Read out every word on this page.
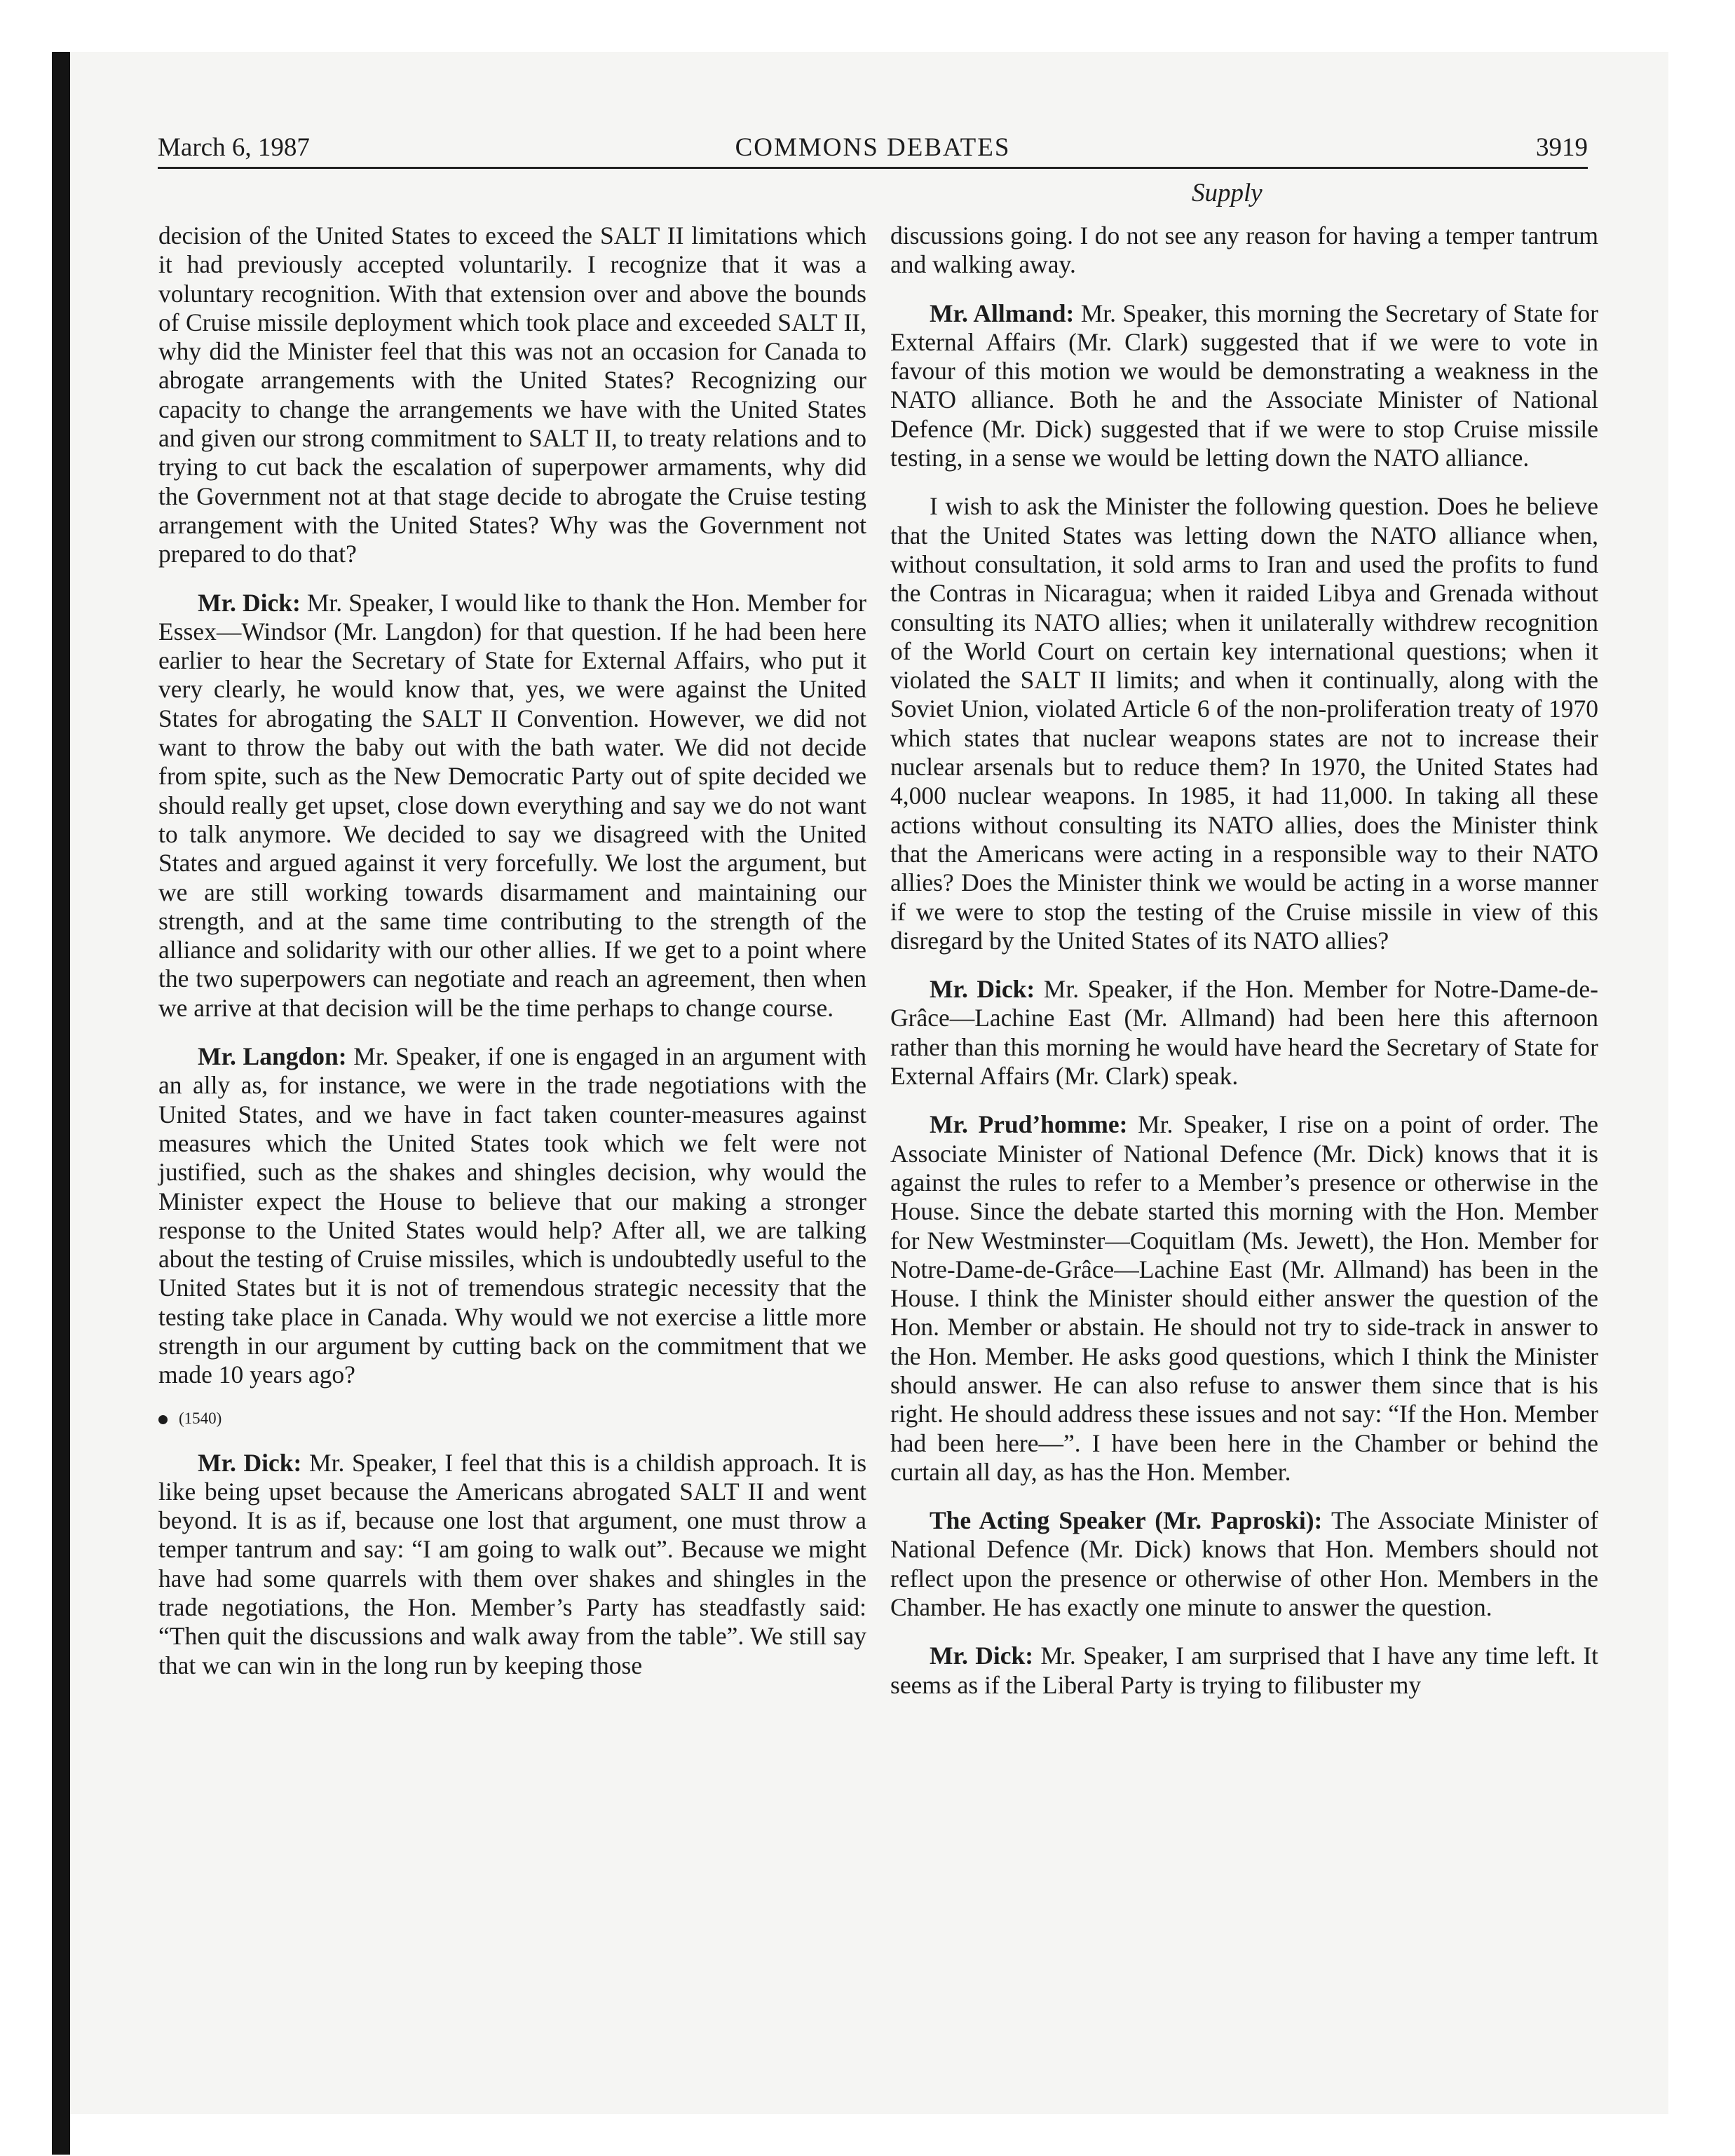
March 6, 1987	COMMONS DEBATES	3919
Supply

decision of the United States to exceed the SALT II limitations which it had previously accepted voluntarily. I recognize that it was a voluntary recognition. With that extension over and above the bounds of Cruise missile deployment which took place and exceeded SALT II, why did the Minister feel that this was not an occasion for Canada to abrogate arrangements with the United States? Recognizing our capacity to change the arrangements we have with the United States and given our strong commitment to SALT II, to treaty relations and to trying to cut back the escalation of superpower armaments, why did the Government not at that stage decide to abrogate the Cruise testing arrangement with the United States? Why was the Government not prepared to do that?

Mr. Dick: Mr. Speaker, I would like to thank the Hon. Member for Essex—Windsor (Mr. Langdon) for that question. If he had been here earlier to hear the Secretary of State for External Affairs, who put it very clearly, he would know that, yes, we were against the United States for abrogating the SALT II Convention. However, we did not want to throw the baby out with the bath water. We did not decide from spite, such as the New Democratic Party out of spite decided we should really get upset, close down everything and say we do not want to talk anymore. We decided to say we disagreed with the United States and argued against it very forcefully. We lost the argument, but we are still working towards disarmament and maintaining our strength, and at the same time contributing to the strength of the alliance and solidarity with our other allies. If we get to a point where the two superpowers can negotiate and reach an agreement, then when we arrive at that decision will be the time perhaps to change course.

Mr. Langdon: Mr. Speaker, if one is engaged in an argument with an ally as, for instance, we were in the trade negotiations with the United States, and we have in fact taken counter-measures against measures which the United States took which we felt were not justified, such as the shakes and shingles decision, why would the Minister expect the House to believe that our making a stronger response to the United States would help? After all, we are talking about the testing of Cruise missiles, which is undoubtedly useful to the United States but it is not of tremendous strategic necessity that the testing take place in Canada. Why would we not exercise a little more strength in our argument by cutting back on the commitment that we made 10 years ago?

(1540)

Mr. Dick: Mr. Speaker, I feel that this is a childish approach. It is like being upset because the Americans abrogated SALT II and went beyond. It is as if, because one lost that argument, one must throw a temper tantrum and say: “I am going to walk out”. Because we might have had some quarrels with them over shakes and shingles in the trade negotiations, the Hon. Member’s Party has steadfastly said: “Then quit the discussions and walk away from the table”. We still say that we can win in the long run by keeping those

discussions going. I do not see any reason for having a temper tantrum and walking away.

Mr. Allmand: Mr. Speaker, this morning the Secretary of State for External Affairs (Mr. Clark) suggested that if we were to vote in favour of this motion we would be demonstrating a weakness in the NATO alliance. Both he and the Associate Minister of National Defence (Mr. Dick) suggested that if we were to stop Cruise missile testing, in a sense we would be letting down the NATO alliance.

I wish to ask the Minister the following question. Does he believe that the United States was letting down the NATO alliance when, without consultation, it sold arms to Iran and used the profits to fund the Contras in Nicaragua; when it raided Libya and Grenada without consulting its NATO allies; when it unilaterally withdrew recognition of the World Court on certain key international questions; when it violated the SALT II limits; and when it continually, along with the Soviet Union, violated Article 6 of the non-proliferation treaty of 1970 which states that nuclear weapons states are not to increase their nuclear arsenals but to reduce them? In 1970, the United States had 4,000 nuclear weapons. In 1985, it had 11,000. In taking all these actions without consulting its NATO allies, does the Minister think that the Americans were acting in a responsible way to their NATO allies? Does the Minister think we would be acting in a worse manner if we were to stop the testing of the Cruise missile in view of this disregard by the United States of its NATO allies?

Mr. Dick: Mr. Speaker, if the Hon. Member for Notre-Dame-de-Grâce—Lachine East (Mr. Allmand) had been here this afternoon rather than this morning he would have heard the Secretary of State for External Affairs (Mr. Clark) speak.

Mr. Prud’homme: Mr. Speaker, I rise on a point of order. The Associate Minister of National Defence (Mr. Dick) knows that it is against the rules to refer to a Member’s presence or otherwise in the House. Since the debate started this morning with the Hon. Member for New Westminster—Coquitlam (Ms. Jewett), the Hon. Member for Notre-Dame-de-Grâce—Lachine East (Mr. Allmand) has been in the House. I think the Minister should either answer the question of the Hon. Member or abstain. He should not try to side-track in answer to the Hon. Member. He asks good questions, which I think the Minister should answer. He can also refuse to answer them since that is his right. He should address these issues and not say: “If the Hon. Member had been here—”. I have been here in the Chamber or behind the curtain all day, as has the Hon. Member.

The Acting Speaker (Mr. Paproski): The Associate Minister of National Defence (Mr. Dick) knows that Hon. Members should not reflect upon the presence or otherwise of other Hon. Members in the Chamber. He has exactly one minute to answer the question.

Mr. Dick: Mr. Speaker, I am surprised that I have any time left. It seems as if the Liberal Party is trying to filibuster my
